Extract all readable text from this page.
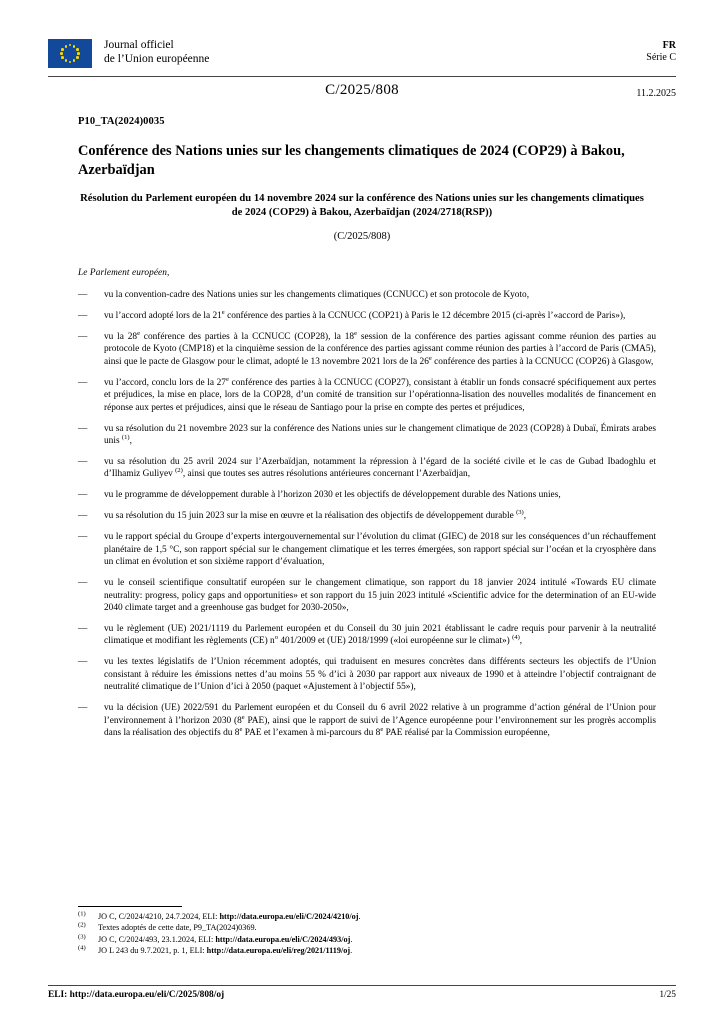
Journal officiel
de l’Union européenne
FR
Série C
C/2025/808	11.2.2025
P10_TA(2024)0035
Conférence des Nations unies sur les changements climatiques de 2024 (COP29) à Bakou, Azerbaïdjan
Résolution du Parlement européen du 14 novembre 2024 sur la conférence des Nations unies sur les changements climatiques de 2024 (COP29) à Bakou, Azerbaïdjan (2024/2718(RSP))
(C/2025/808)
Le Parlement européen,
—	vu la convention-cadre des Nations unies sur les changements climatiques (CCNUCC) et son protocole de Kyoto,
—	vu l’accord adopté lors de la 21e conférence des parties à la CCNUCC (COP21) à Paris le 12 décembre 2015 (ci-après l’«accord de Paris»),
—	vu la 28e conférence des parties à la CCNUCC (COP28), la 18e session de la conférence des parties agissant comme réunion des parties au protocole de Kyoto (CMP18) et la cinquième session de la conférence des parties agissant comme réunion des parties à l’accord de Paris (CMA5), ainsi que le pacte de Glasgow pour le climat, adopté le 13 novembre 2021 lors de la 26e conférence des parties à la CCNUCC (COP26) à Glasgow,
—	vu l’accord, conclu lors de la 27e conférence des parties à la CCNUCC (COP27), consistant à établir un fonds consacré spécifiquement aux pertes et préjudices, la mise en place, lors de la COP28, d’un comité de transition sur l’opérationna-lisation des nouvelles modalités de financement en réponse aux pertes et préjudices, ainsi que le réseau de Santiago pour la prise en compte des pertes et préjudices,
—	vu sa résolution du 21 novembre 2023 sur la conférence des Nations unies sur le changement climatique de 2023 (COP28) à Dubaï, Émirats arabes unis $^{(1)}$,
—	vu sa résolution du 25 avril 2024 sur l’Azerbaïdjan, notamment la répression à l’égard de la société civile et le cas de Gubad Ibadoghlu et d’Ilhamiz Guliyev $^{(2)}$, ainsi que toutes ses autres résolutions antérieures concernant l’Azerbaïdjan,
—	vu le programme de développement durable à l’horizon 2030 et les objectifs de développement durable des Nations unies,
—	vu sa résolution du 15 juin 2023 sur la mise en œuvre et la réalisation des objectifs de développement durable $^{(3)}$,
—	vu le rapport spécial du Groupe d’experts intergouvernemental sur l’évolution du climat (GIEC) de 2018 sur les conséquences d’un réchauffement planétaire de 1,5 °C, son rapport spécial sur le changement climatique et les terres émergées, son rapport spécial sur l’océan et la cryosphère dans un climat en évolution et son sixième rapport d’évaluation,
—	vu le conseil scientifique consultatif européen sur le changement climatique, son rapport du 18 janvier 2024 intitulé «Towards EU climate neutrality: progress, policy gaps and opportunities» et son rapport du 15 juin 2023 intitulé «Scientific advice for the determination of an EU-wide 2040 climate target and a greenhouse gas budget for 2030-2050»,
—	vu le règlement (UE) 2021/1119 du Parlement européen et du Conseil du 30 juin 2021 établissant le cadre requis pour parvenir à la neutralité climatique et modifiant les règlements (CE) $n^o$ 401/2009 et (UE) 2018/1999 («loi européenne sur le climat») $^{(4)}$,
—	vu les textes législatifs de l’Union récemment adoptés, qui traduisent en mesures concrètes dans différents secteurs les objectifs de l’Union consistant à réduire les émissions nettes d’au moins 55 % d’ici à 2030 par rapport aux niveaux de 1990 et à atteindre l’objectif contraignant de neutralité climatique de l’Union d’ici à 2050 (paquet «Ajustement à l’objectif 55»),
—	vu la décision (UE) 2022/591 du Parlement européen et du Conseil du 6 avril 2022 relative à un programme d’action général de l’Union pour l’environnement à l’horizon 2030 (8e PAE), ainsi que le rapport de suivi de l’Agence européenne pour l’environnement sur les progrès accomplis dans la réalisation des objectifs du 8e PAE et l’examen à mi-parcours du 8e PAE réalisé par la Commission européenne,
$^{(1)}$	JO C, C/2024/4210, 24.7.2024, ELI: http://data.europa.eu/eli/C/2024/4210/oj.
$^{(2)}$	Textes adoptés de cette date, P9_TA(2024)0369.
$^{(3)}$	JO C, C/2024/493, 23.1.2024, ELI: http://data.europa.eu/eli/C/2024/493/oj.
$^{(4)}$	JO L 243 du 9.7.2021, p. 1, ELI: http://data.europa.eu/eli/reg/2021/1119/oj.
ELI: http://data.europa.eu/eli/C/2025/808/oj	1/25
